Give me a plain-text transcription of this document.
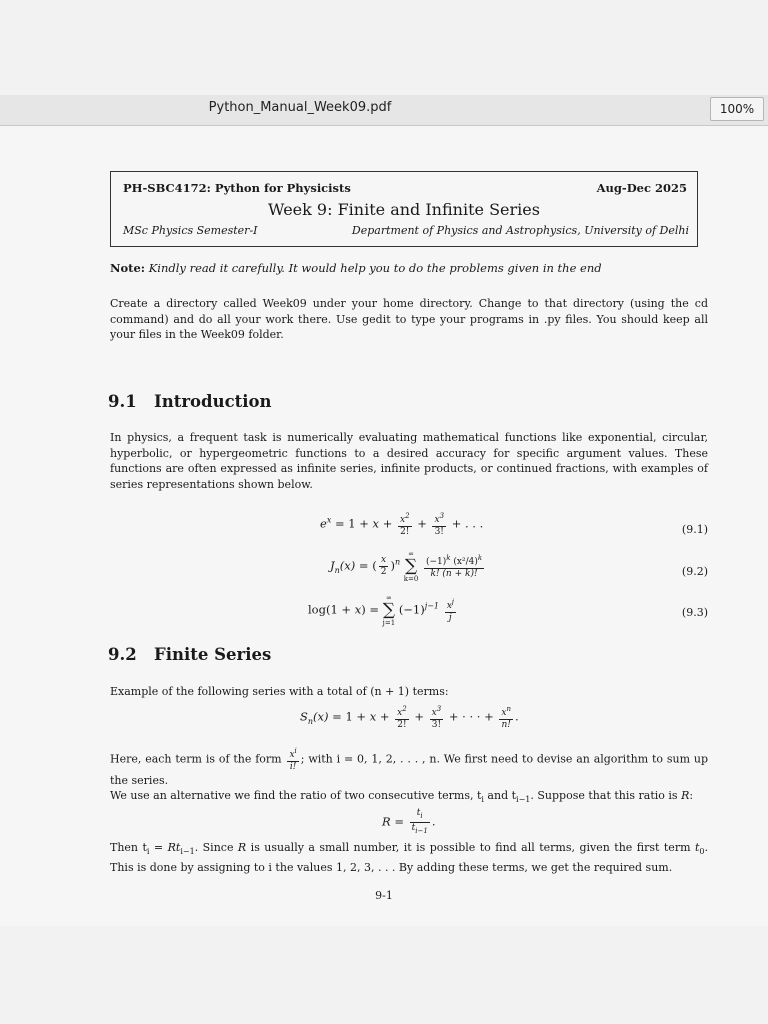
Python_Manual_Week09.pdf	100%
PH-SBC4172: Python for Physicists	Aug-Dec 2025
Week 9: Finite and Infinite Series
MSc Physics Semester-I	Department of Physics and Astrophysics, University of Delhi
Note: Kindly read it carefully. It would help you to do the problems given in the end
Create a directory called Week09 under your home directory. Change to that directory (using the cd command) and do all your work there. Use gedit to type your programs in .py files. You should keep all your files in the Week09 folder.
9.1 Introduction
In physics, a frequent task is numerically evaluating mathematical functions like exponential, circular, hyperbolic, or hypergeometric functions to a desired accuracy for specific argument values. These functions are often expressed as infinite series, infinite products, or continued fractions, with examples of series representations shown below.
$e^x = 1 + x + \frac{x^2}{2!} + \frac{x^3}{3!}$ + . . .	(9.1)
$J_n(x)$ = ( $\frac{x}{2} )^n$
∞
∑
k=0
$\frac{(-1)^k (x^2/4)^k}{k! (n + k)!}$	(9.2)
log(1 + x) =
∞
∑
j=1
$(-1)^{j-1} \frac{x^j}{j}$	(9.3)
9.2 Finite Series
Example of the following series with a total of (n + 1) terms:
$S_n(x) = 1 + x + \frac{x^2}{2!} + \frac{x^3}{3!}$ + · · · + $\frac{x^n}{n!}$ .
Here, each term is of the form $\frac{x^i}{i!}$ ; with i = 0, 1, 2, . . . , n. We first need to devise an algorithm to sum up the series.
We use an alternative we find the ratio of two consecutive terms, $t_i$ and $t_{i-1}$. Suppose that this ratio is R:
$R = \frac{t_i}{t_{i-1}}$ .
Then $t_i = Rt_{i-1}$. Since R is usually a small number, it is possible to find all terms, given the first term $t_0$. This is done by assigning to i the values 1, 2, 3, . . . By adding these terms, we get the required sum.
9-1
